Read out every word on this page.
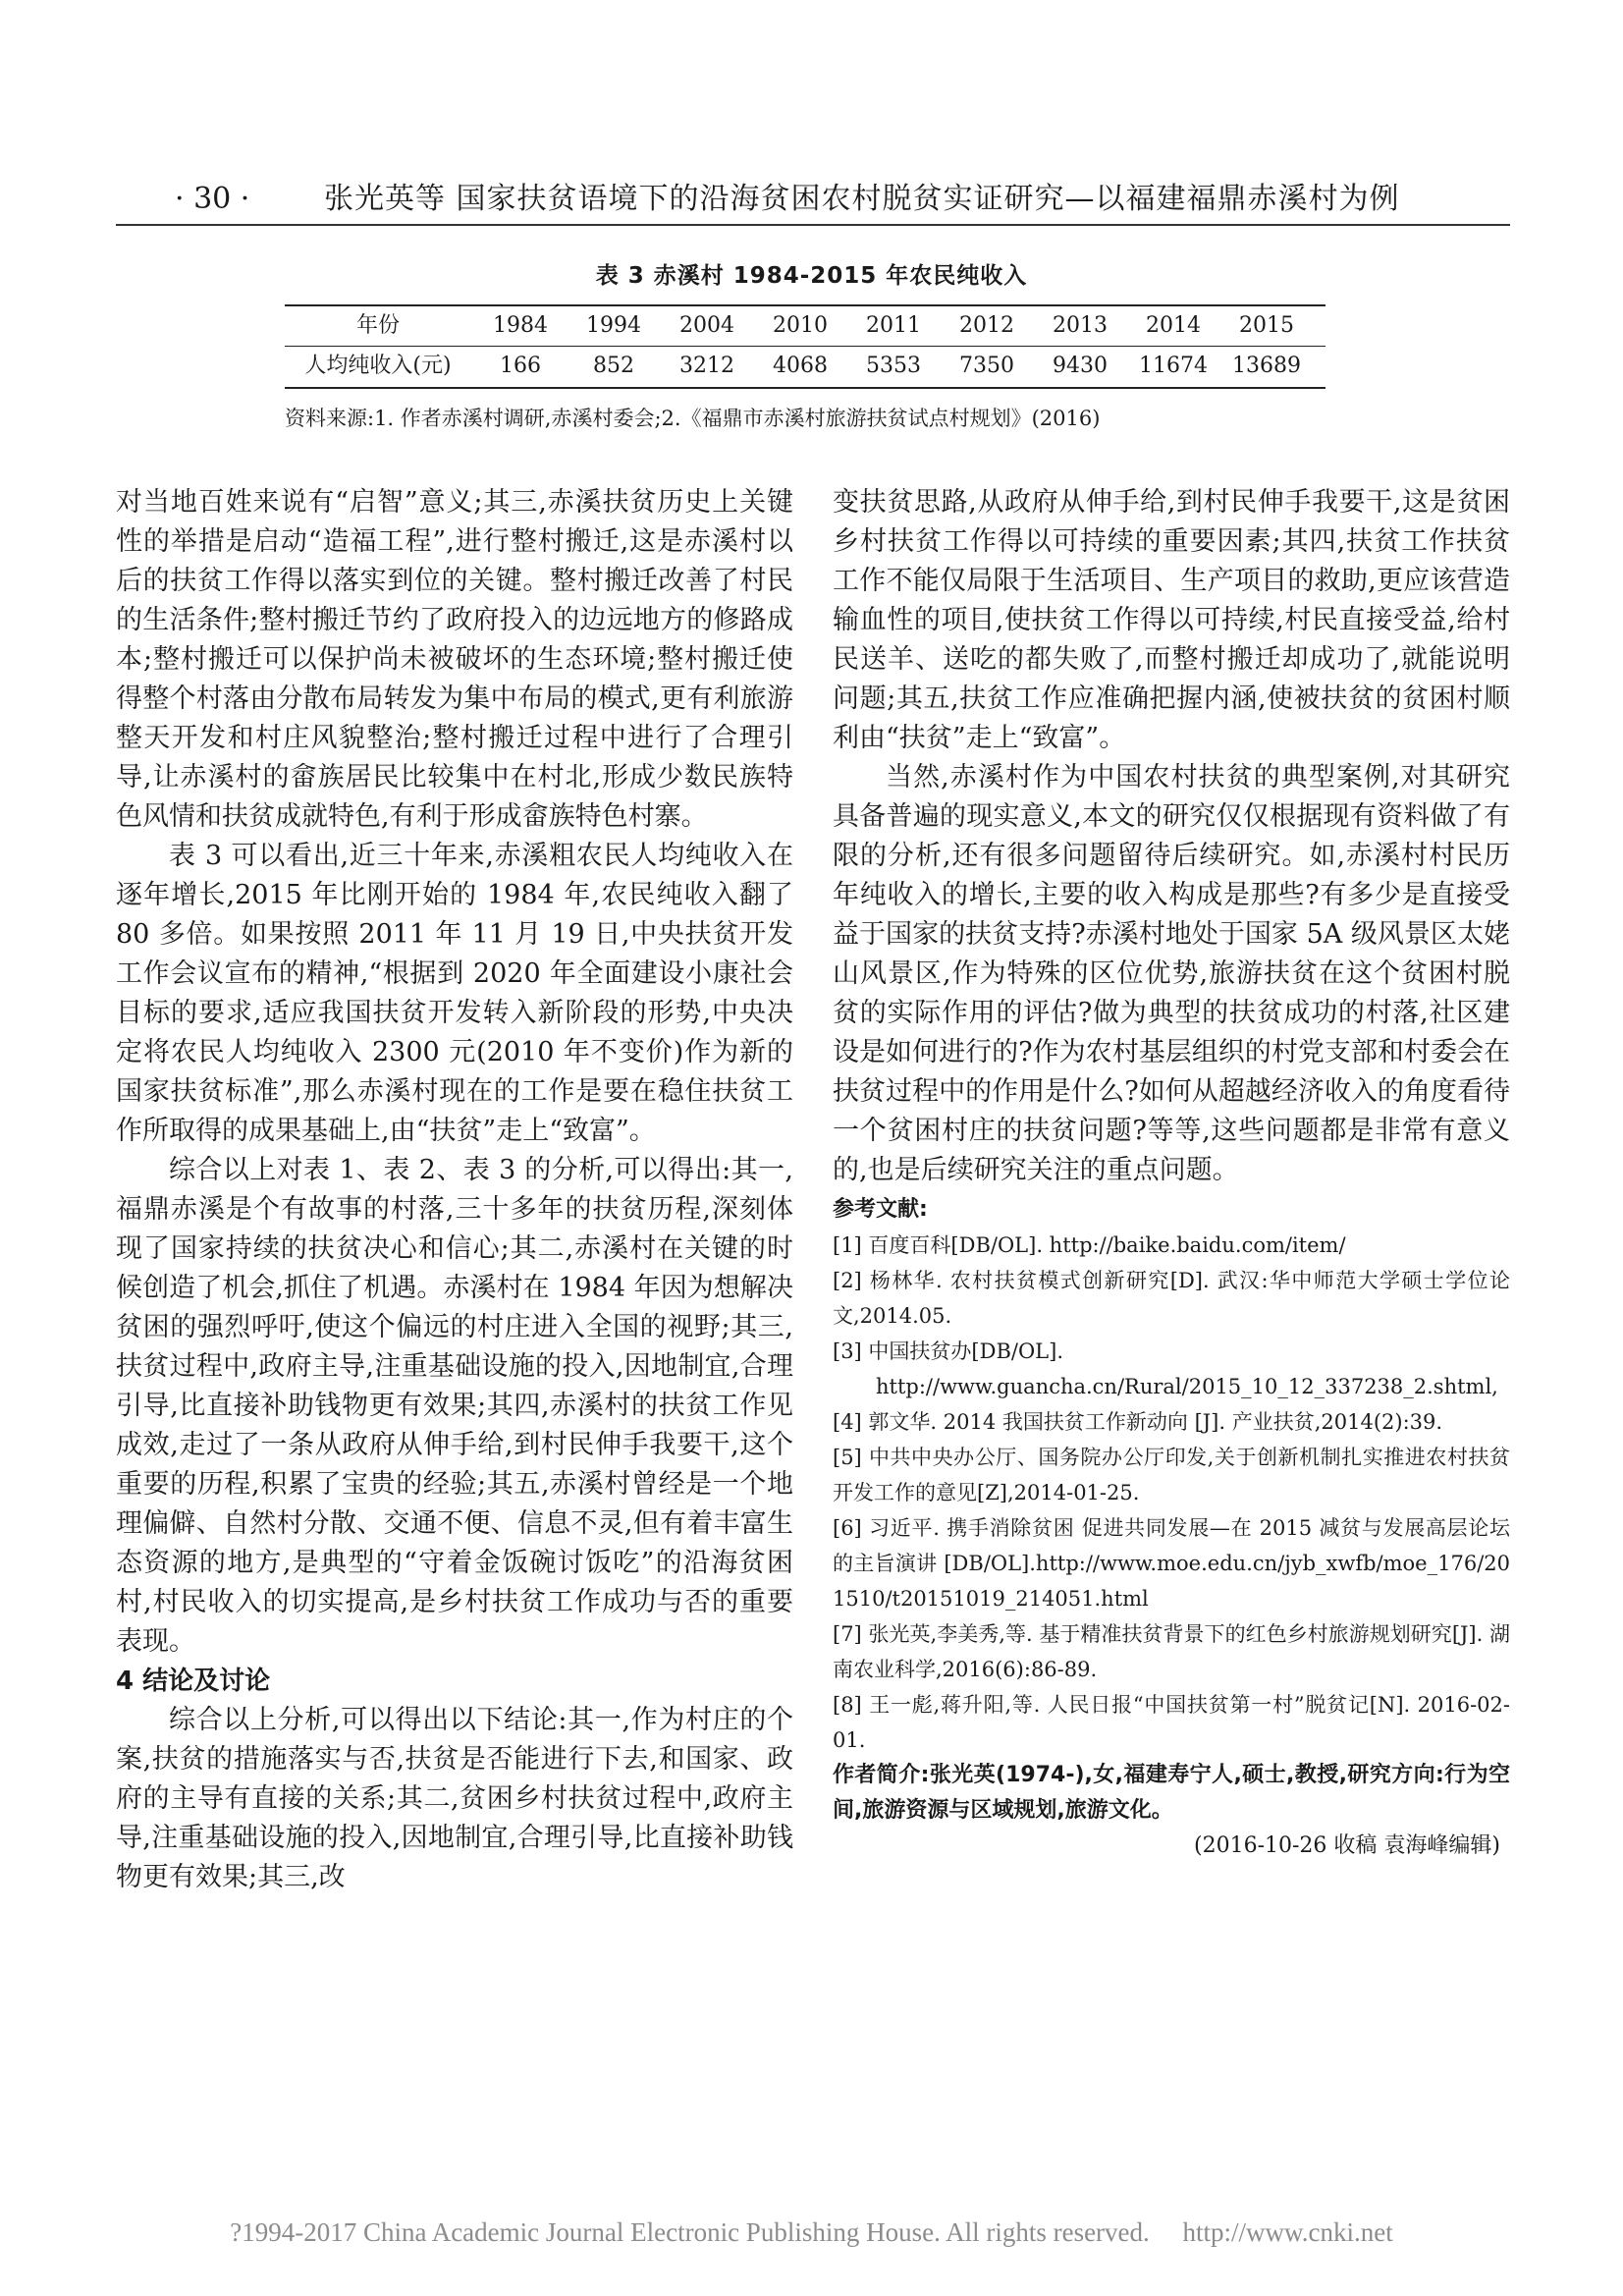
· 30 ·	张光英等 国家扶贫语境下的沿海贫困农村脱贫实证研究—以福建福鼎赤溪村为例
表 3 赤溪村 1984-2015 年农民纯收入
年份	1984	1994	2004	2010	2011	2012	2013	2014	2015
人均纯收入(元)	166	852	3212	4068	5353	7350	9430	11674 13689
资料来源:1. 作者赤溪村调研,赤溪村委会;2.《福鼎市赤溪村旅游扶贫试点村规划》(2016)

对当地百姓来说有“启智”意义;其三,赤溪扶贫历史上关键性的举措是启动“造福工程”,进行整村搬迁,这是赤溪村以后的扶贫工作得以落实到位的关键。整村搬迁改善了村民的生活条件;整村搬迁节约了政府投入的边远地方的修路成本;整村搬迁可以保护尚未被破坏的生态环境;整村搬迁使得整个村落由分散布局转发为集中布局的模式,更有利旅游整天开发和村庄风貌整治;整村搬迁过程中进行了合理引导,让赤溪村的畲族居民比较集中在村北,形成少数民族特色风情和扶贫成就特色,有利于形成畲族特色村寨。

表 3 可以看出,近三十年来,赤溪粗农民人均纯收入在逐年增长,2015 年比刚开始的 1984 年,农民纯收入翻了 80 多倍。如果按照 2011 年 11 月 19 日,中央扶贫开发工作会议宣布的精神,“根据到 2020 年全面建设小康社会目标的要求,适应我国扶贫开发转入新阶段的形势,中央决定将农民人均纯收入 2300 元(2010 年不变价)作为新的国家扶贫标准”,那么赤溪村现在的工作是要在稳住扶贫工作所取得的成果基础上,由“扶贫”走上“致富”。

综合以上对表 1、表 2、表 3 的分析,可以得出:其一,福鼎赤溪是个有故事的村落,三十多年的扶贫历程,深刻体现了国家持续的扶贫决心和信心;其二,赤溪村在关键的时候创造了机会,抓住了机遇。赤溪村在 1984 年因为想解决贫困的强烈呼吁,使这个偏远的村庄进入全国的视野;其三,扶贫过程中,政府主导,注重基础设施的投入,因地制宜,合理引导,比直接补助钱物更有效果;其四,赤溪村的扶贫工作见成效,走过了一条从政府从伸手给,到村民伸手我要干,这个重要的历程,积累了宝贵的经验;其五,赤溪村曾经是一个地理偏僻、自然村分散、交通不便、信息不灵,但有着丰富生态资源的地方,是典型的“守着金饭碗讨饭吃”的沿海贫困村,村民收入的切实提高,是乡村扶贫工作成功与否的重要表现。

4 结论及讨论

综合以上分析,可以得出以下结论:其一,作为村庄的个案,扶贫的措施落实与否,扶贫是否能进行下去,和国家、政府的主导有直接的关系;其二,贫困乡村扶贫过程中,政府主导,注重基础设施的投入,因地制宜,合理引导,比直接补助钱物更有效果;其三,改

变扶贫思路,从政府从伸手给,到村民伸手我要干,这是贫困乡村扶贫工作得以可持续的重要因素;其四,扶贫工作扶贫工作不能仅局限于生活项目、生产项目的救助,更应该营造输血性的项目,使扶贫工作得以可持续,村民直接受益,给村民送羊、送吃的都失败了,而整村搬迁却成功了,就能说明问题;其五,扶贫工作应准确把握内涵,使被扶贫的贫困村顺利由“扶贫”走上“致富”。

当然,赤溪村作为中国农村扶贫的典型案例,对其研究具备普遍的现实意义,本文的研究仅仅根据现有资料做了有限的分析,还有很多问题留待后续研究。如,赤溪村村民历年纯收入的增长,主要的收入构成是那些?有多少是直接受益于国家的扶贫支持?赤溪村地处于国家 5A 级风景区太姥山风景区,作为特殊的区位优势,旅游扶贫在这个贫困村脱贫的实际作用的评估?做为典型的扶贫成功的村落,社区建设是如何进行的?作为农村基层组织的村党支部和村委会在扶贫过程中的作用是什么?如何从超越经济收入的角度看待一个贫困村庄的扶贫问题?等等,这些问题都是非常有意义的,也是后续研究关注的重点问题。

参考文献:

[1] 百度百科[DB/OL]. http://baike.baidu.com/item/

[2] 杨林华. 农村扶贫模式创新研究[D]. 武汉:华中师范大学硕士学位论文,2014.05.

[3] 中国扶贫办[DB/OL].

http://www.guancha.cn/Rural/2015_10_12_337238_2.shtml,

[4] 郭文华. 2014 我国扶贫工作新动向 [J]. 产业扶贫,2014(2):39.

[5] 中共中央办公厅、国务院办公厅印发,关于创新机制扎实推进农村扶贫开发工作的意见[Z],2014-01-25.

[6] 习近平. 携手消除贫困 促进共同发展—在 2015 减贫与发展高层论坛的主旨演讲 [DB/OL].http://www.moe.edu.cn/jyb_xwfb/moe_176/201510/t20151019_214051.html

[7] 张光英,李美秀,等. 基于精准扶贫背景下的红色乡村旅游规划研究[J]. 湖南农业科学,2016(6):86-89.

[8] 王一彪,蒋升阳,等. 人民日报“中国扶贫第一村”脱贫记[N]. 2016-02-01.

作者简介:张光英(1974-),女,福建寿宁人,硕士,教授,研究方向:行为空间,旅游资源与区域规划,旅游文化。

(2016-10-26 收稿 袁海峰编辑)

?1994-2017 China Academic Journal Electronic Publishing House. All rights reserved.     http://www.cnki.net
